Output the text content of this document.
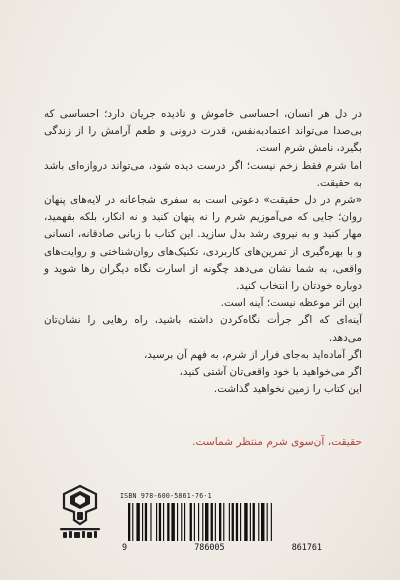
در دل هر انسان، احساسی خاموش و نادیده جریان دارد؛ احساسی که بی‌صدا می‌تواند اعتمادبه‌نفس، قدرت درونی و طعم آرامش را از زندگی بگیرد، نامش شرم است.

اما شرم فقط زخم نیست؛ اگر درست دیده شود، می‌تواند دروازه‌ای باشد به حقیقت.

«شرم در دل حقیقت» دعوتی است به سفری شجاعانه در لایه‌های پنهان روان؛ جایی که می‌آموزیم شرم را نه پنهان کنید و نه انکار، بلکه بفهمید، مهار کنید و به نیروی رشد بدل سازید. این کتاب با زبانی صادقانه، انسانی و با بهره‌گیری از تمرین‌های کاربردی، تکنیک‌های روان‌شناختی و روایت‌های واقعی، به شما نشان می‌دهد چگونه از اسارت نگاه دیگران رها شوید و دوباره خودتان را انتخاب کنید.

این اثر موعظه نیست؛ آینه است.

آینه‌ای که اگر جرأت نگاه‌کردن داشته باشید، راه رهایی را نشان‌تان می‌دهد.

اگر آماده‌اید به‌جای فرار از شرم، به فهم آن برسید،

اگر می‌خواهید با خود واقعی‌تان آشتی کنید،

این کتاب را زمین نخواهید گذاشت.

حقیقت، آن‌سوی شرم منتظر شماست.
ISBN 978-600-5861-76-1
9	786005	861761
